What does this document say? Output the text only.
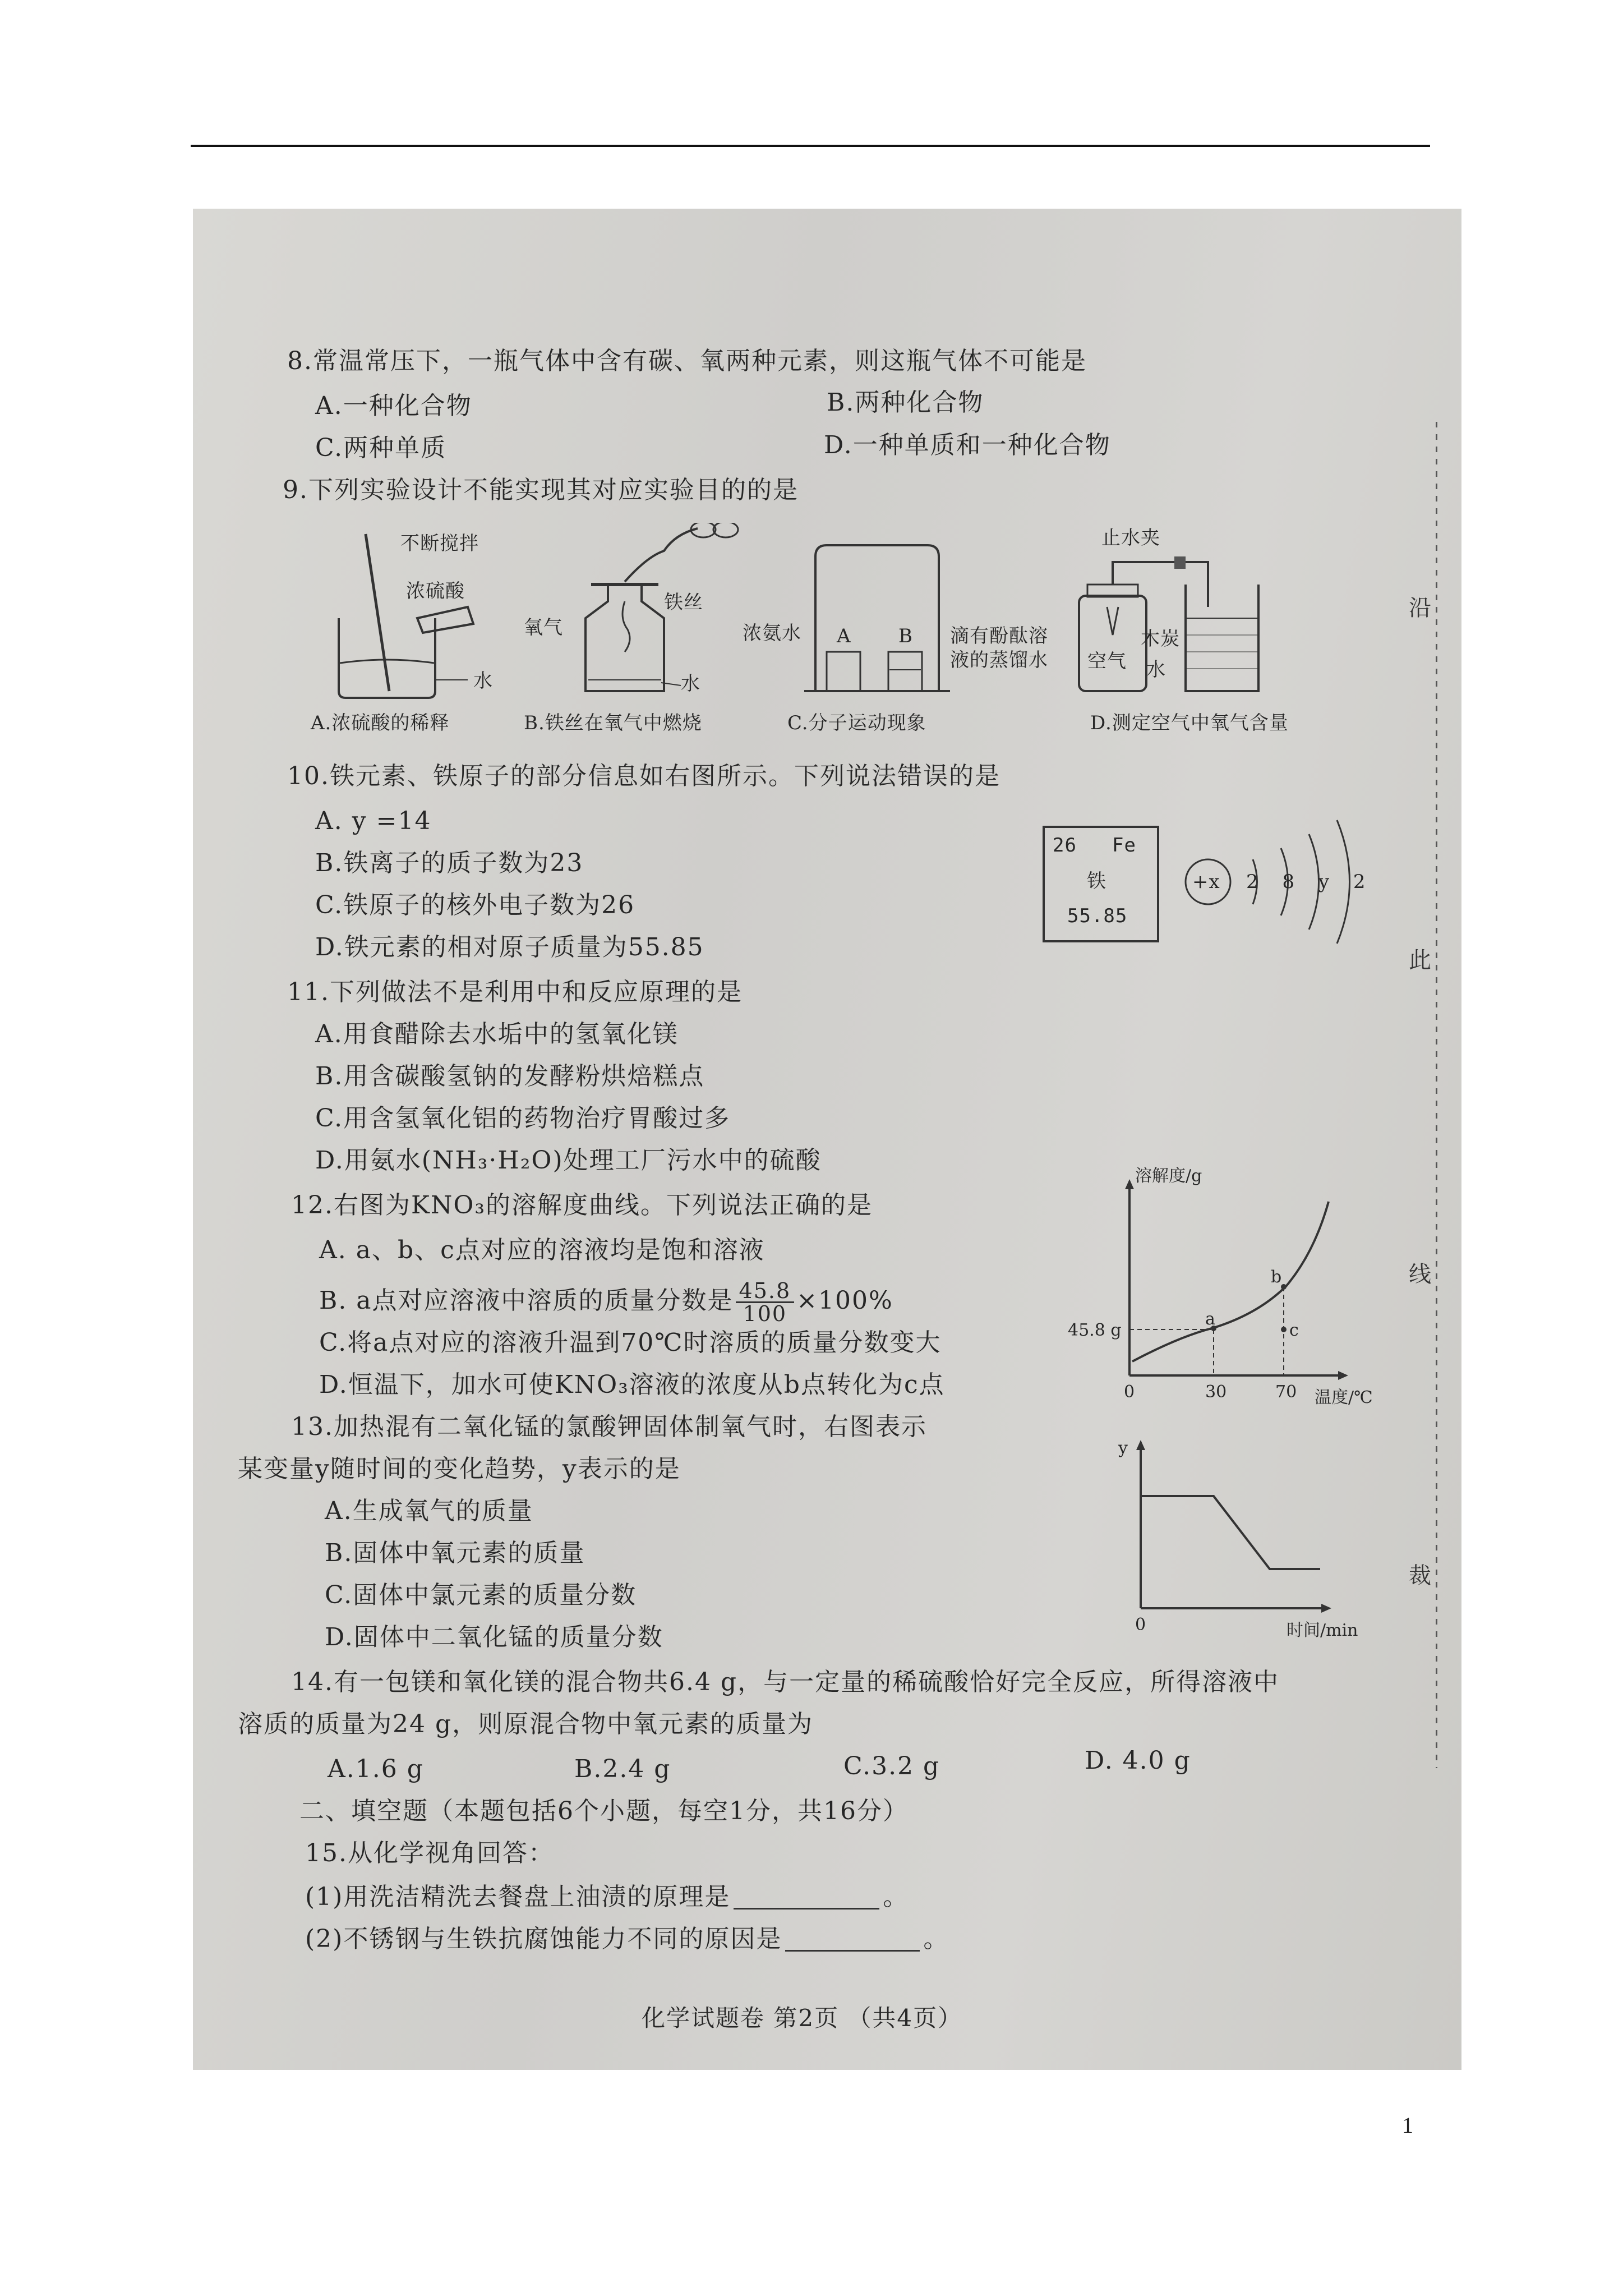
8.常温常压下，一瓶气体中含有碳、氧两种元素，则这瓶气体不可能是
A.一种化合物	B.两种化合物
C.两种单质	D.一种单质和一种化合物
9.下列实验设计不能实现其对应实验目的的是
不断搅拌
浓硫酸
水
A.浓硫酸的稀释
氧气
铁丝
水
B.铁丝在氧气中燃烧
浓氨水 A B 滴有酚酞溶
液的蒸馏水
C.分子运动现象
止水夹
木炭
空气 水
D.测定空气中氧气含量
10.铁元素、铁原子的部分信息如右图所示。下列说法错误的是
A. y =14
B.铁离子的质子数为23
C.铁原子的核外电子数为26
D.铁元素的相对原子质量为55.85
26 Fe
铁
55.85
+x 2 8 y 2
11.下列做法不是利用中和反应原理的是
A.用食醋除去水垢中的氢氧化镁
B.用含碳酸氢钠的发酵粉烘焙糕点
C.用含氢氧化铝的药物治疗胃酸过多
D.用氨水(NH₃·H₂O)处理工厂污水中的硫酸
12.右图为KNO₃的溶解度曲线。下列说法正确的是
A. a、b、c点对应的溶液均是饱和溶液
B. a点对应溶液中溶质的质量分数是 $\frac{45.8}{100} \times 100\%$
C.将a点对应的溶液升温到70℃时溶质的质量分数变大
D.恒温下，加水可使KNO₃溶液的浓度从b点转化为c点
溶解度/g
45.8 g
a
b
c
0	30	70 温度/℃
13.加热混有二氧化锰的氯酸钾固体制氧气时，右图表示
某变量y随时间的变化趋势，y表示的是
A.生成氧气的质量
B.固体中氧元素的质量
C.固体中氯元素的质量分数
D.固体中二氧化锰的质量分数
y
0	时间/min
14.有一包镁和氧化镁的混合物共6.4 g，与一定量的稀硫酸恰好完全反应，所得溶液中
溶质的质量为24 g，则原混合物中氧元素的质量为
A.1.6 g	B.2.4 g	C.3.2 g	D. 4.0 g
二、填空题（本题包括6个小题，每空1分，共16分）
15.从化学视角回答：
(1)用洗洁精洗去餐盘上油渍的原理是	。
(2)不锈钢与生铁抗腐蚀能力不同的原因是	。
化学试题卷 第2页 （共4页）
沿
此
线
裁
1
